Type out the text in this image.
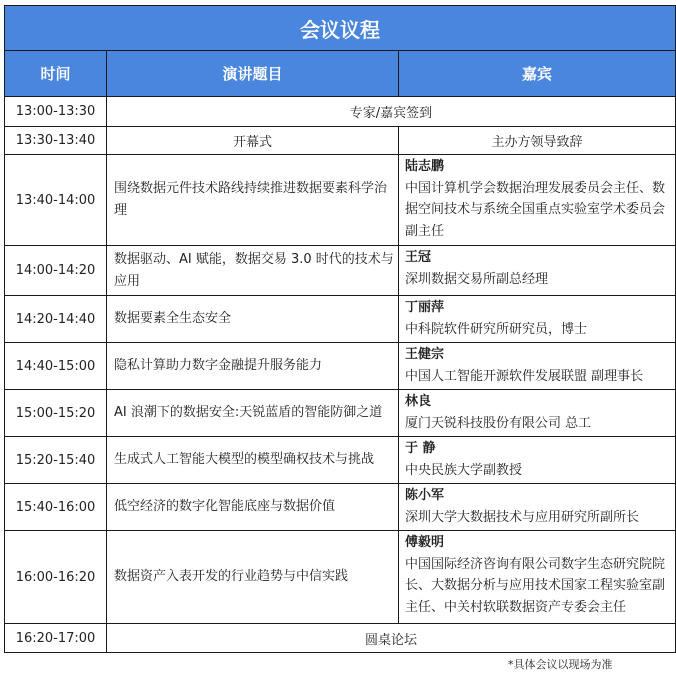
会议议程		
时间	演讲题目	嘉宾
13:00-13:30	专家/嘉宾签到	
13:30-13:40	开幕式	主办方领导致辞
13:40-14:00	围绕数据元件技术路线持续推进数据要素科学治理	陆志鹏
中国计算机学会数据治理发展委员会主任、数据空间技术与系统全国重点实验室学术委员会 副主任

14:00-14:20	数据驱动、AI 赋能，数据交易 3.0 时代的技术与应用	王冠
深圳数据交易所副总经理

14:20-14:40	数据要素全生态安全	丁丽萍
中科院软件研究所研究员，博士

14:40-15:00	隐私计算助力数字金融提升服务能力	王健宗
中国人工智能开源软件发展联盟 副理事长

15:00-15:20	AI 浪潮下的数据安全:天锐蓝盾的智能防御之道	林良
厦门天锐科技股份有限公司 总工

15:20-15:40	生成式人工智能大模型的模型确权技术与挑战	于 静
中央民族大学副教授

15:40-16:00	低空经济的数字化智能底座与数据价值	陈小军
深圳大学大数据技术与应用研究所副所长

16:00-16:20	数据资产入表开发的行业趋势与中信实践	傅毅明
中国国际经济咨询有限公司数字生态研究院院长、大数据分析与应用技术国家工程实验室副主任、中关村软联数据资产专委会主任

16:20-17:00	圆桌论坛	
*具体会议以现场为准
